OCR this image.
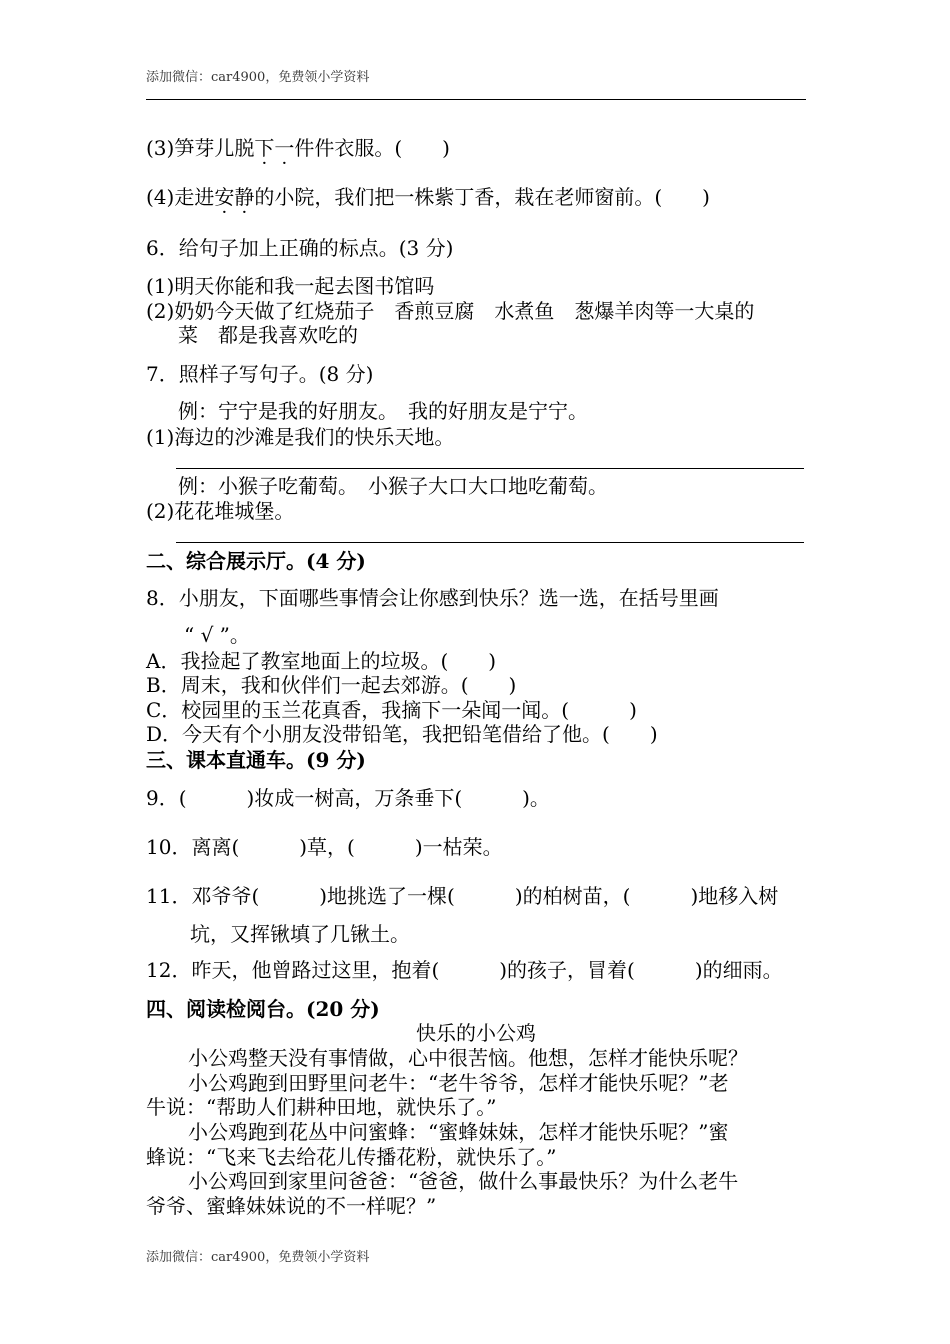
添加微信：car4900，免费领小学资料
(3)笋芽儿脱下一件件衣服。(　　)
(4)走进安静的小院，我们把一株紫丁香，栽在老师窗前。(　　)
6．给句子加上正确的标点。(3 分)
(1)明天你能和我一起去图书馆吗
(2)奶奶今天做了红烧茄子　香煎豆腐　水煮鱼　葱爆羊肉等一大桌的
菜　都是我喜欢吃的
7．照样子写句子。(8 分)
例：宁宁是我的好朋友。　我的好朋友是宁宁。
(1)海边的沙滩是我们的快乐天地。
例：小猴子吃葡萄。　小猴子大口大口地吃葡萄。
(2)花花堆城堡。
二、综合展示厅。(4 分)
8．小朋友，下面哪些事情会让你感到快乐？选一选，在括号里画
“ √ ”。
A．我捡起了教室地面上的垃圾。(　　)
B．周末，我和伙伴们一起去郊游。(　　)
C．校园里的玉兰花真香，我摘下一朵闻一闻。(　　　)
D．今天有个小朋友没带铅笔，我把铅笔借给了他。(　　)
三、课本直通车。(9 分)
9．(　　　)妆成一树高，万条垂下(　　　)。
10．离离(　　　)草，(　　　)一枯荣。
11．邓爷爷(　　　)地挑选了一棵(　　　)的柏树苗，(　　　)地移入树
坑，又挥锹填了几锹土。
12．昨天，他曾路过这里，抱着(　　　)的孩子，冒着(　　　)的细雨。
四、阅读检阅台。(20 分)
快乐的小公鸡
小公鸡整天没有事情做，心中很苦恼。他想，怎样才能快乐呢？
小公鸡跑到田野里问老牛：“老牛爷爷，怎样才能快乐呢？”老
牛说：“帮助人们耕种田地，就快乐了。”
小公鸡跑到花丛中问蜜蜂：“蜜蜂妹妹，怎样才能快乐呢？”蜜
蜂说：“飞来飞去给花儿传播花粉，就快乐了。”
小公鸡回到家里问爸爸：“爸爸，做什么事最快乐？为什么老牛
爷爷、蜜蜂妹妹说的不一样呢？”
添加微信：car4900，免费领小学资料
